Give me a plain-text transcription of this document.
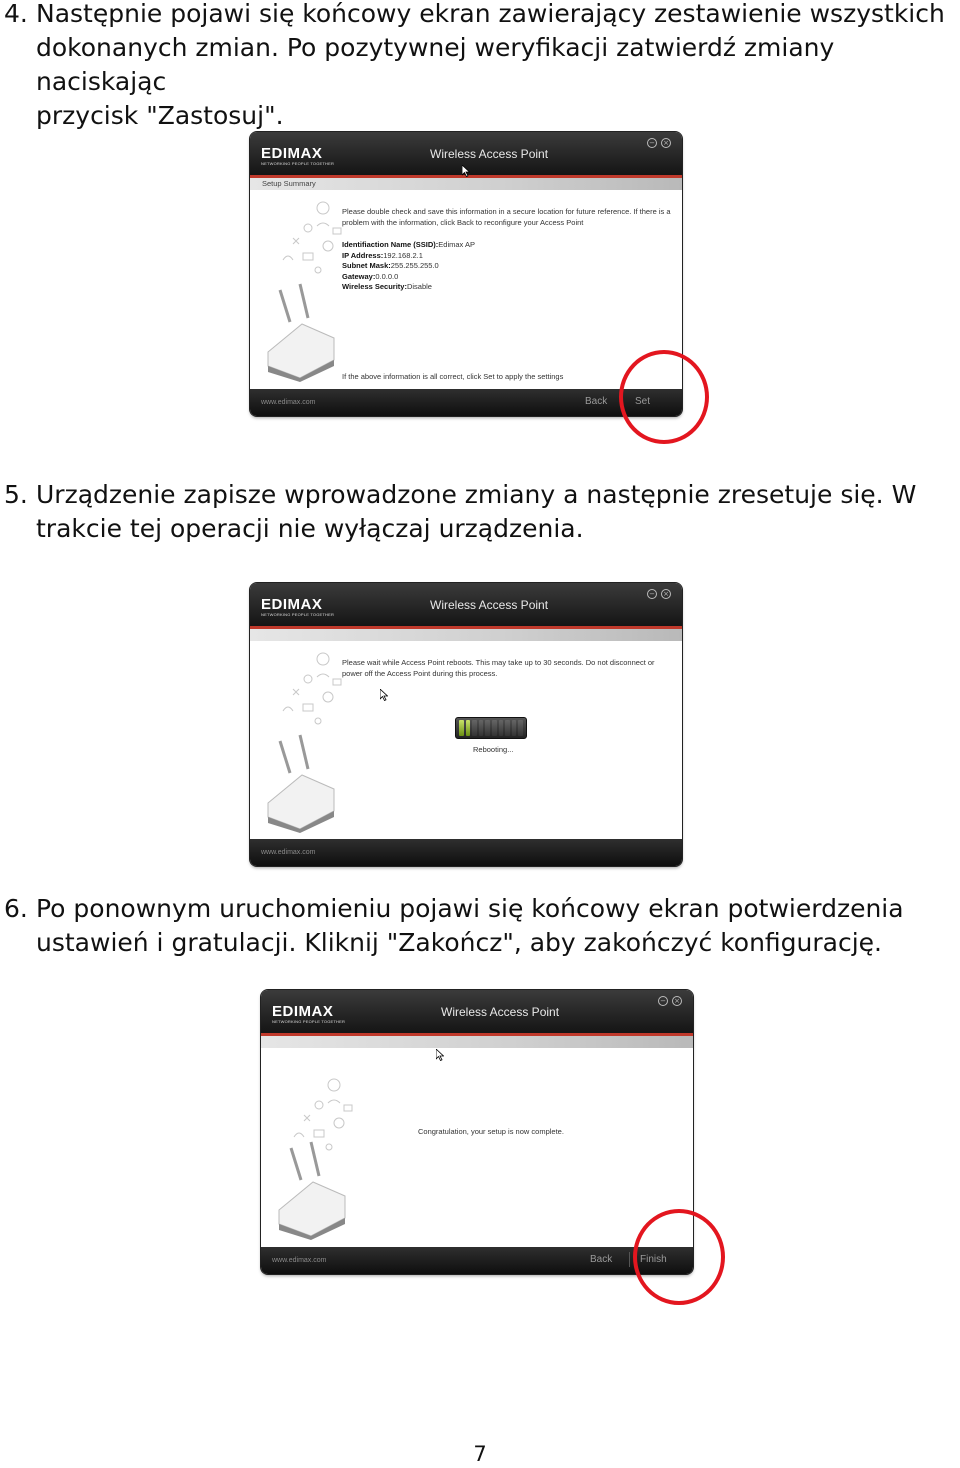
4. Następnie pojawi się końcowy ekran zawierający zestawienie wszystkich
dokonanych zmian. Po pozytywnej weryfikacji zatwierdź zmiany naciskając
przycisk "Zastosuj".
EDIMAX
NETWORKING PEOPLE TOGETHER
Wireless Access Point
− ×
Setup Summary
Please double check and save this information in a secure location for future reference. If there is a problem with the information, click Back to reconfigure your Access Point
Identifiaction Name (SSID):Edimax AP
IP Address:192.168.2.1
Subnet Mask:255.255.255.0
Gateway:0.0.0.0
Wireless Security:Disable
If the above information is all correct, click Set to apply the settings
www.edimax.com	Back	Set
5. Urządzenie zapisze wprowadzone zmiany a następnie zresetuje się. W
trakcie tej operacji nie wyłączaj urządzenia.
EDIMAX
NETWORKING PEOPLE TOGETHER
Wireless Access Point
− ×
Please wait while Access Point reboots. This may take up to 30 seconds. Do not disconnect or power off the Access Point during this process.
Rebooting...
www.edimax.com
6. Po ponownym uruchomieniu pojawi się końcowy ekran potwierdzenia
ustawień i gratulacji. Kliknij "Zakończ", aby zakończyć konfigurację.
EDIMAX
NETWORKING PEOPLE TOGETHER
Wireless Access Point
− ×
Congratulation, your setup is now complete.
www.edimax.com	Back	Finish
7
